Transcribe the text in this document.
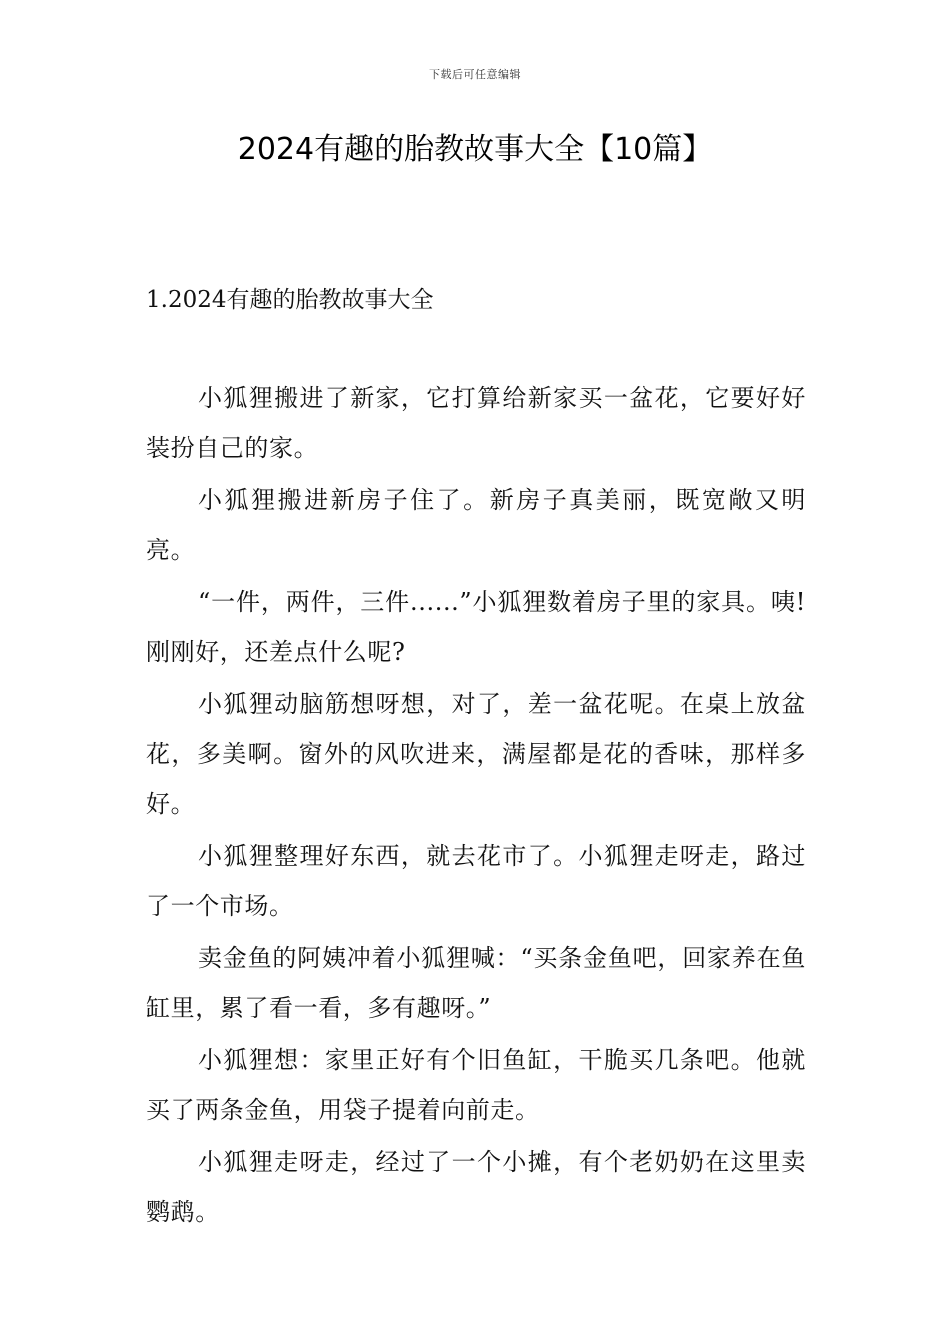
下载后可任意编辑
2024有趣的胎教故事大全【10篇】
1.2024有趣的胎教故事大全

小狐狸搬进了新家，它打算给新家买一盆花，它要好好装扮自己的家。

小狐狸搬进新房子住了。新房子真美丽，既宽敞又明亮。

“一件，两件，三件......”小狐狸数着房子里的家具。咦!刚刚好，还差点什么呢?

小狐狸动脑筋想呀想，对了，差一盆花呢。在桌上放盆花，多美啊。窗外的风吹进来，满屋都是花的香味，那样多好。

小狐狸整理好东西，就去花市了。小狐狸走呀走，路过了一个市场。

卖金鱼的阿姨冲着小狐狸喊：“买条金鱼吧，回家养在鱼缸里，累了看一看，多有趣呀。”

小狐狸想：家里正好有个旧鱼缸，干脆买几条吧。他就买了两条金鱼，用袋子提着向前走。

小狐狸走呀走，经过了一个小摊，有个老奶奶在这里卖鹦鹉。
